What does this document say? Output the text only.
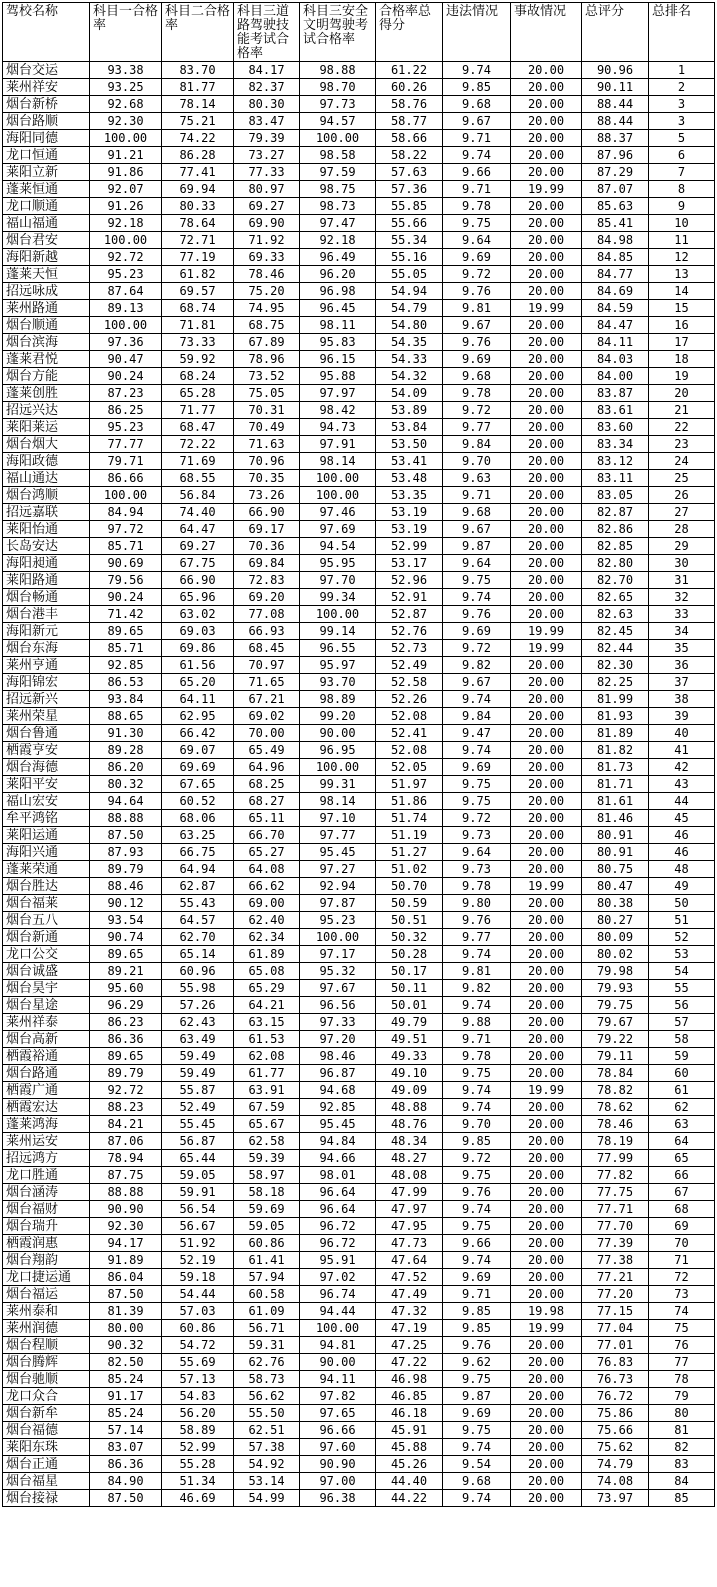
驾校名称	科目一合格率	科目二合格率	科目三道路驾驶技能考试合格率	科目三安全文明驾驶考试合格率	合格率总得分	违法情况	事故情况	总评分	总排名
烟台交运	93.38	83.70	84.17	98.88	61.22	9.74	20.00	90.96	1
莱州祥安	93.25	81.77	82.37	98.70	60.26	9.85	20.00	90.11	2
烟台新桥	92.68	78.14	80.30	97.73	58.76	9.68	20.00	88.44	3
烟台路顺	92.30	75.21	83.47	94.57	58.77	9.67	20.00	88.44	3
海阳同德	100.00	74.22	79.39	100.00	58.66	9.71	20.00	88.37	5
龙口恒通	91.21	86.28	73.27	98.58	58.22	9.74	20.00	87.96	6
莱阳立新	91.86	77.41	77.33	97.59	57.63	9.66	20.00	87.29	7
蓬莱恒通	92.07	69.94	80.97	98.75	57.36	9.71	19.99	87.07	8
龙口顺通	91.26	80.33	69.27	98.73	55.85	9.78	20.00	85.63	9
福山福通	92.18	78.64	69.90	97.47	55.66	9.75	20.00	85.41	10
烟台君安	100.00	72.71	71.92	92.18	55.34	9.64	20.00	84.98	11
海阳新越	92.72	77.19	69.33	96.49	55.16	9.69	20.00	84.85	12
蓬莱天恒	95.23	61.82	78.46	96.20	55.05	9.72	20.00	84.77	13
招远咏成	87.64	69.57	75.20	96.98	54.94	9.76	20.00	84.69	14
莱州路通	89.13	68.74	74.95	96.45	54.79	9.81	19.99	84.59	15
烟台顺通	100.00	71.81	68.75	98.11	54.80	9.67	20.00	84.47	16
烟台滨海	97.36	73.33	67.89	95.83	54.35	9.76	20.00	84.11	17
蓬莱君悦	90.47	59.92	78.96	96.15	54.33	9.69	20.00	84.03	18
烟台方能	90.24	68.24	73.52	95.88	54.32	9.68	20.00	84.00	19
蓬莱创胜	87.23	65.28	75.05	97.97	54.09	9.78	20.00	83.87	20
招远兴达	86.25	71.77	70.31	98.42	53.89	9.72	20.00	83.61	21
莱阳莱运	95.23	68.47	70.49	94.73	53.84	9.77	20.00	83.60	22
烟台烟大	77.77	72.22	71.63	97.91	53.50	9.84	20.00	83.34	23
海阳政德	79.71	71.69	70.96	98.14	53.41	9.70	20.00	83.12	24
福山通达	86.66	68.55	70.35	100.00	53.48	9.63	20.00	83.11	25
烟台鸿顺	100.00	56.84	73.26	100.00	53.35	9.71	20.00	83.05	26
招远嘉联	84.94	74.40	66.90	97.46	53.19	9.68	20.00	82.87	27
莱阳怡通	97.72	64.47	69.17	97.69	53.19	9.67	20.00	82.86	28
长岛安达	85.71	69.27	70.36	94.54	52.99	9.87	20.00	82.85	29
海阳昶通	90.69	67.75	69.84	95.95	53.17	9.64	20.00	82.80	30
莱阳路通	79.56	66.90	72.83	97.70	52.96	9.75	20.00	82.70	31
烟台畅通	90.24	65.96	69.20	99.34	52.91	9.74	20.00	82.65	32
烟台港丰	71.42	63.02	77.08	100.00	52.87	9.76	20.00	82.63	33
海阳新元	89.65	69.03	66.93	99.14	52.76	9.69	19.99	82.45	34
烟台东海	85.71	69.86	68.45	96.55	52.73	9.72	19.99	82.44	35
莱州亨通	92.85	61.56	70.97	95.97	52.49	9.82	20.00	82.30	36
海阳锦宏	86.53	65.20	71.65	93.70	52.58	9.67	20.00	82.25	37
招远新兴	93.84	64.11	67.21	98.89	52.26	9.74	20.00	81.99	38
莱州荣星	88.65	62.95	69.02	99.20	52.08	9.84	20.00	81.93	39
烟台鲁通	91.30	66.42	70.00	90.00	52.41	9.47	20.00	81.89	40
栖霞亨安	89.28	69.07	65.49	96.95	52.08	9.74	20.00	81.82	41
烟台海德	86.20	69.69	64.96	100.00	52.05	9.69	20.00	81.73	42
莱阳平安	80.32	67.65	68.25	99.31	51.97	9.75	20.00	81.71	43
福山宏安	94.64	60.52	68.27	98.14	51.86	9.75	20.00	81.61	44
牟平鸿铭	88.88	68.06	65.11	97.10	51.74	9.72	20.00	81.46	45
莱阳运通	87.50	63.25	66.70	97.77	51.19	9.73	20.00	80.91	46
海阳兴通	87.93	66.75	65.27	95.45	51.27	9.64	20.00	80.91	46
蓬莱荣通	89.79	64.94	64.08	97.27	51.02	9.73	20.00	80.75	48
烟台胜达	88.46	62.87	66.62	92.94	50.70	9.78	19.99	80.47	49
烟台福莱	90.12	55.43	69.00	97.87	50.59	9.80	20.00	80.38	50
烟台五八	93.54	64.57	62.40	95.23	50.51	9.76	20.00	80.27	51
烟台新通	90.74	62.70	62.34	100.00	50.32	9.77	20.00	80.09	52
龙口公交	89.65	65.14	61.89	97.17	50.28	9.74	20.00	80.02	53
烟台诚盛	89.21	60.96	65.08	95.32	50.17	9.81	20.00	79.98	54
烟台昊宇	95.60	55.98	65.29	97.67	50.11	9.82	20.00	79.93	55
烟台星途	96.29	57.26	64.21	96.56	50.01	9.74	20.00	79.75	56
莱州祥泰	86.23	62.43	63.15	97.33	49.79	9.88	20.00	79.67	57
烟台高新	86.36	63.49	61.53	97.20	49.51	9.71	20.00	79.22	58
栖霞裕通	89.65	59.49	62.08	98.46	49.33	9.78	20.00	79.11	59
烟台路通	89.79	59.49	61.77	96.87	49.10	9.75	20.00	78.84	60
栖霞广通	92.72	55.87	63.91	94.68	49.09	9.74	19.99	78.82	61
栖霞宏达	88.23	52.49	67.59	92.85	48.88	9.74	20.00	78.62	62
蓬莱鸿海	84.21	55.45	65.67	95.45	48.76	9.70	20.00	78.46	63
莱州运安	87.06	56.87	62.58	94.84	48.34	9.85	20.00	78.19	64
招远鸿方	78.94	65.44	59.39	94.66	48.27	9.72	20.00	77.99	65
龙口胜通	87.75	59.05	58.97	98.01	48.08	9.75	20.00	77.82	66
烟台涵涛	88.88	59.91	58.18	96.64	47.99	9.76	20.00	77.75	67
烟台福财	90.90	56.54	59.69	96.64	47.97	9.74	20.00	77.71	68
烟台瑞升	92.30	56.67	59.05	96.72	47.95	9.75	20.00	77.70	69
栖霞润惠	94.17	51.92	60.86	96.72	47.73	9.66	20.00	77.39	70
烟台翔韵	91.89	52.19	61.41	95.91	47.64	9.74	20.00	77.38	71
龙口捷运通	86.04	59.18	57.94	97.02	47.52	9.69	20.00	77.21	72
烟台福运	87.50	54.44	60.58	96.74	47.49	9.71	20.00	77.20	73
莱州泰和	81.39	57.03	61.09	94.44	47.32	9.85	19.98	77.15	74
莱州润德	80.00	60.86	56.71	100.00	47.19	9.85	19.99	77.04	75
烟台程顺	90.32	54.72	59.31	94.81	47.25	9.76	20.00	77.01	76
烟台腾辉	82.50	55.69	62.76	90.00	47.22	9.62	20.00	76.83	77
烟台驰顺	85.24	57.13	58.73	94.11	46.98	9.75	20.00	76.73	78
龙口众合	91.17	54.83	56.62	97.82	46.85	9.87	20.00	76.72	79
烟台新牟	85.24	56.20	55.50	97.65	46.18	9.69	20.00	75.86	80
烟台福德	57.14	58.89	62.51	96.66	45.91	9.75	20.00	75.66	81
莱阳东珠	83.07	52.99	57.38	97.60	45.88	9.74	20.00	75.62	82
烟台正通	86.36	55.28	54.92	90.90	45.26	9.54	20.00	74.79	83
烟台福星	84.90	51.34	53.14	97.00	44.40	9.68	20.00	74.08	84
烟台接禄	87.50	46.69	54.99	96.38	44.22	9.74	20.00	73.97	85
